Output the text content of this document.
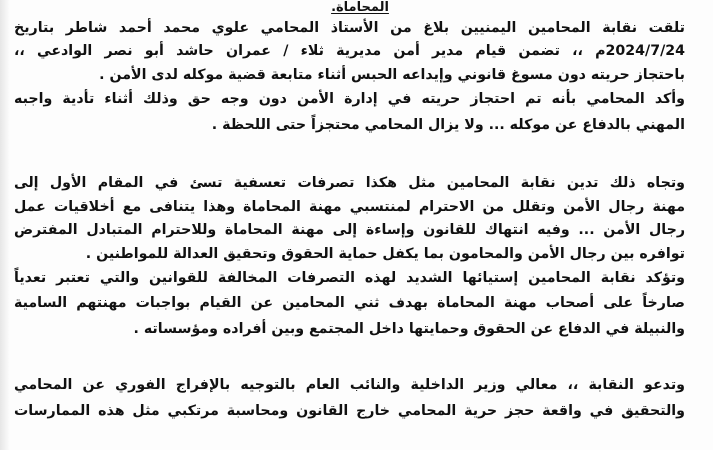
المحاماة.
تلقت نقابة المحامين اليمنيين بلاغ من الأستاذ المحامي علوي محمد أحمد شاطر بتاريخ
2024/7/24م ،، تضمن قيام مدير أمن مديرية ثلاء / عمران حاشد أبو نصر الوادعي ،،
باحتجاز حريته دون مسوغ قانوني وإيداعه الحبس أثناء متابعة قضية موكله لدى الأمن .
وأكد المحامي بأنه تم احتجاز حريته في إدارة الأمن دون وجه حق وذلك أثناء تأدية واجبه
المهني بالدفاع عن موكله ... ولا يزال المحامي محتجزاً حتى اللحظة .
وتجاه ذلك تدين نقابة المحامين مثل هكذا تصرفات تعسفية تسئ في المقام الأول إلى
مهنة رجال الأمن وتقلل من الاحترام لمنتسبي مهنة المحاماة وهذا يتنافى مع أخلاقيات عمل
رجال الأمن ... وفيه انتهاك للقانون وإساءة إلى مهنة المحاماة وللاحترام المتبادل المفترض
توافره بين رجال الأمن والمحامون بما يكفل حماية الحقوق وتحقيق العدالة للمواطنين .
وتؤكد نقابة المحامين إستيائها الشديد لهذه التصرفات المخالفة للقوانين والتي تعتبر تعدياً
صارخاً على أصحاب مهنة المحاماة بهدف ثني المحامين عن القيام بواجبات مهنتهم السامية
والنبيلة في الدفاع عن الحقوق وحمايتها داخل المجتمع وبين أفراده ومؤسساته .
وتدعو النقابة ،، معالي وزير الداخلية والنائب العام بالتوجيه بالإفراج الفوري عن المحامي
والتحقيق في واقعة حجز حرية المحامي خارج القانون ومحاسبة مرتكبي مثل هذه الممارسات
